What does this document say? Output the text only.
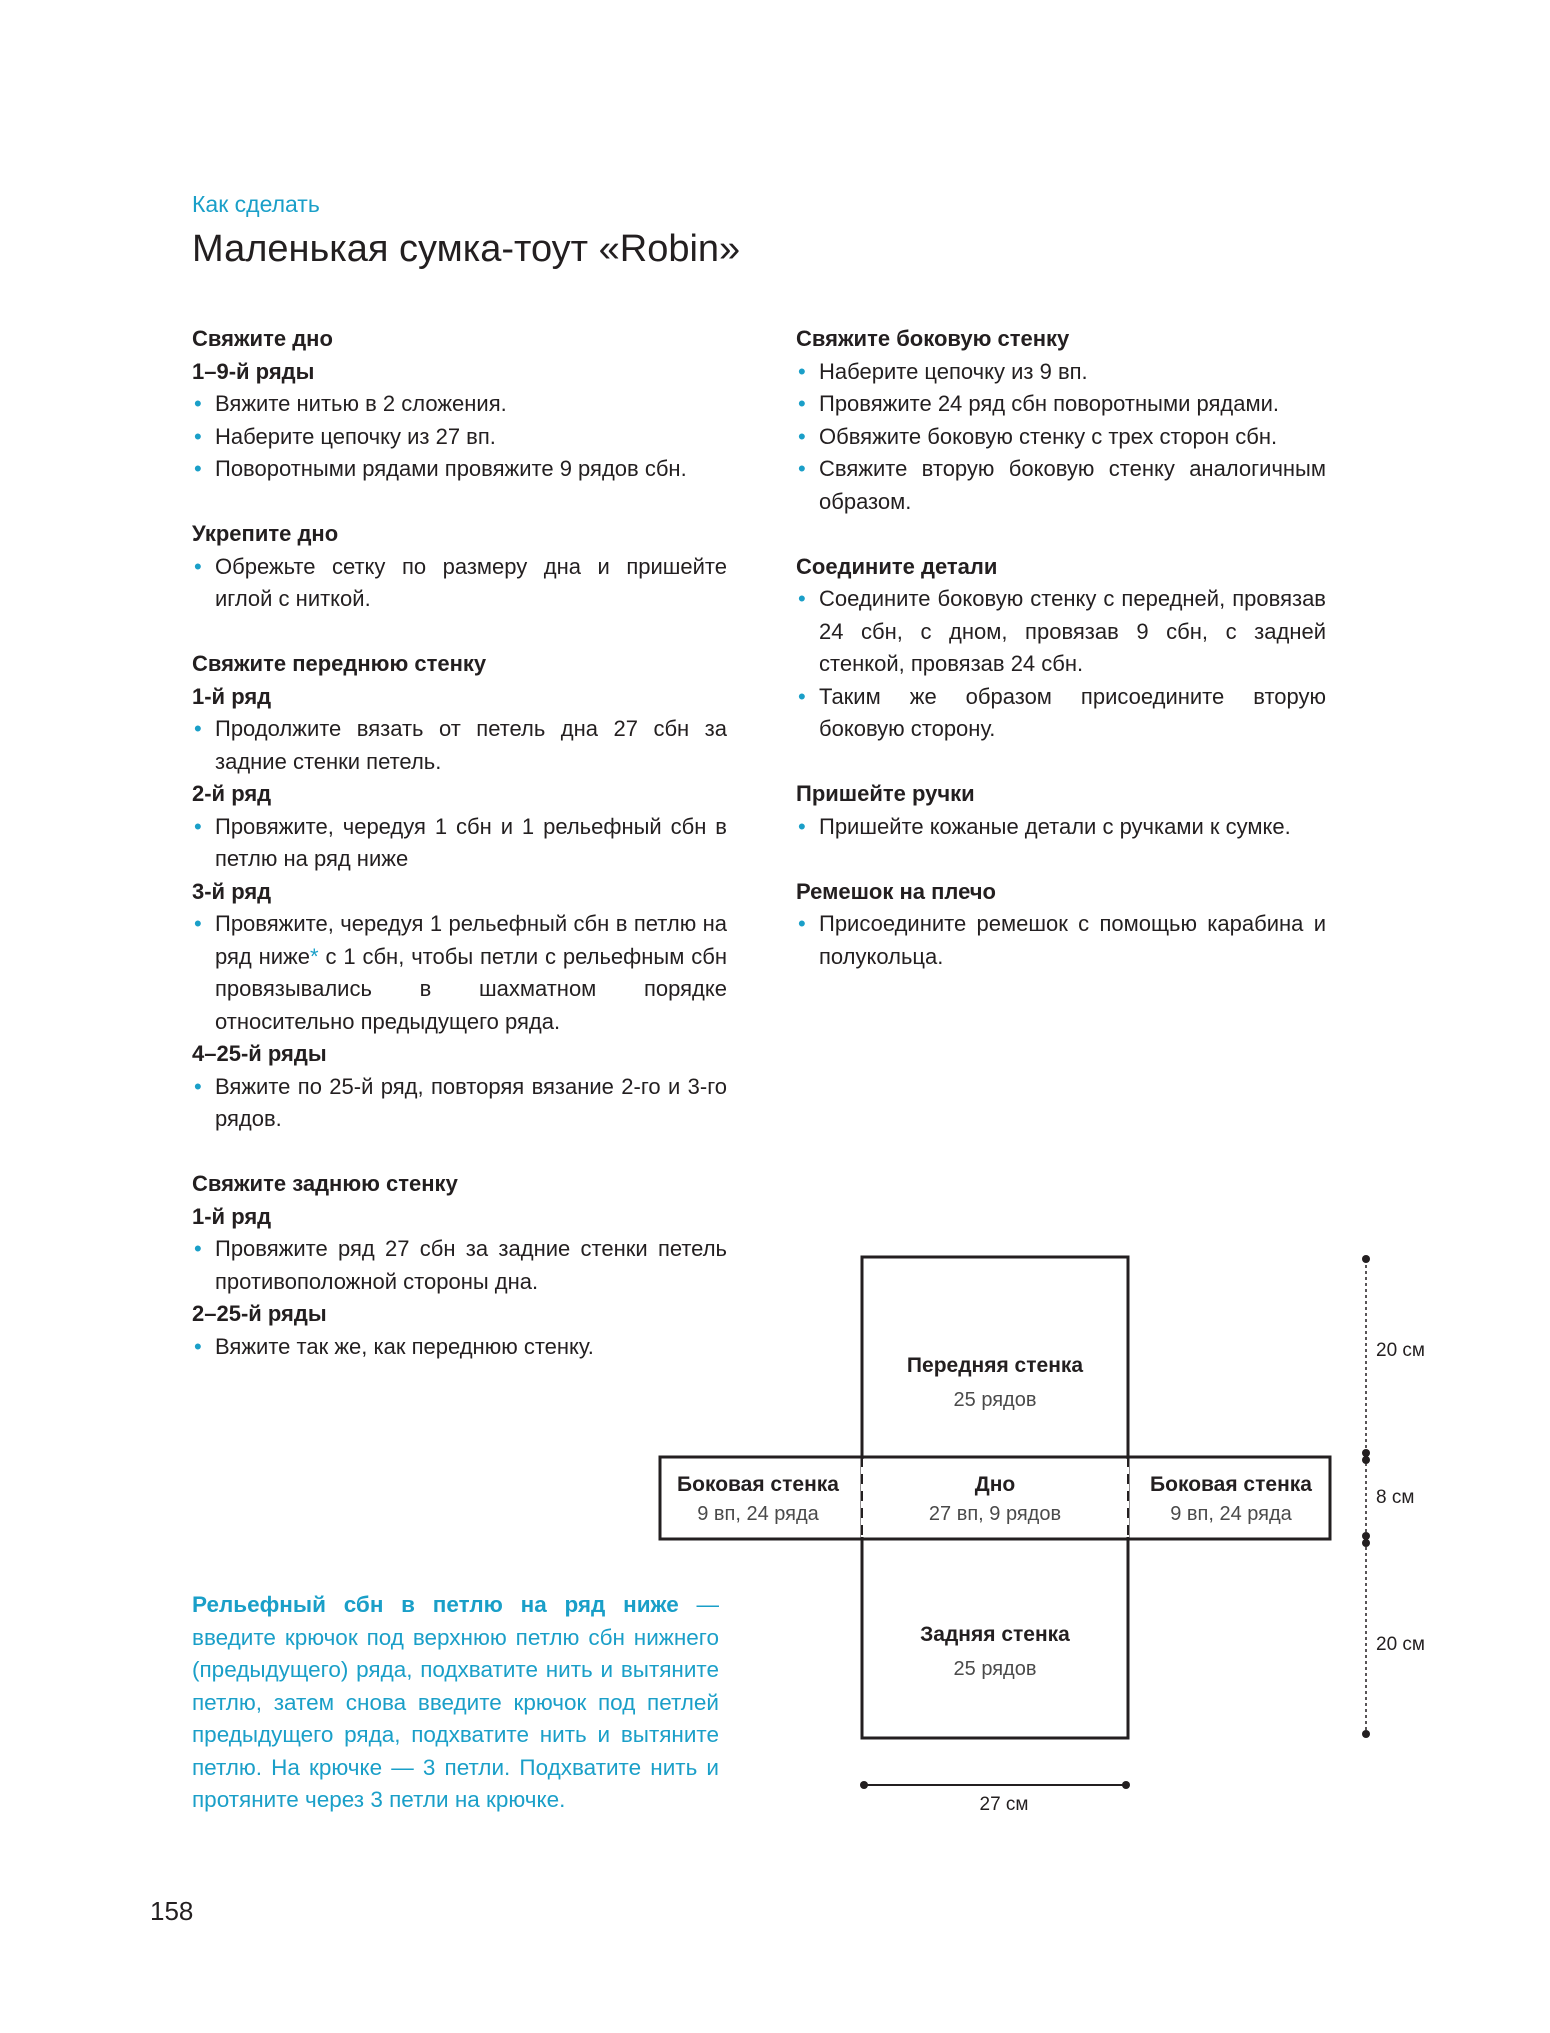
Как сделать
Маленькая сумка-тоут «Robin»
Свяжите дно
1–9-й ряды
• Вяжите нитью в 2 сложения.
• Наберите цепочку из 27 вп.
• Поворотными рядами провяжите 9 рядов сбн.
Укрепите дно
• Обрежьте сетку по размеру дна и пришейте иглой с ниткой.
Свяжите переднюю стенку
1-й ряд
• Продолжите вязать от петель дна 27 сбн за задние стенки петель.
2-й ряд
• Провяжите, чередуя 1 сбн и 1 рельефный сбн в петлю на ряд ниже
3-й ряд
• Провяжите, чередуя 1 рельефный сбн в петлю на ряд ниже* с 1 сбн, чтобы петли с рельефным сбн провязывались в шахматном порядке относительно предыдущего ряда.
4–25-й ряды
• Вяжите по 25-й ряд, повторяя вязание 2-го и 3-го рядов.
Свяжите заднюю стенку
1-й ряд
• Провяжите ряд 27 сбн за задние стенки петель противоположной стороны дна.
2–25-й ряды
• Вяжите так же, как переднюю стенку.
Свяжите боковую стенку
• Наберите цепочку из 9 вп.
• Провяжите 24 ряд сбн поворотными рядами.
• Обвяжите боковую стенку с трех сторон сбн.
• Свяжите вторую боковую стенку аналогичным образом.
Соедините детали
• Соедините боковую стенку с передней, провязав 24 сбн, с дном, провязав 9 сбн, с задней стенкой, провязав 24 сбн.
• Таким же образом присоедините вторую боковую сторону.
Пришейте ручки
• Пришейте кожаные детали с ручками к сумке.
Ремешок на плечо
• Присоедините ремешок с помощью карабина и полукольца.
Рельефный сбн в петлю на ряд ниже — введите крючок под верхнюю петлю сбн нижнего (предыдущего) ряда, подхватите нить и вытяните петлю, затем снова введите крючок под петлей предыдущего ряда, подхватите нить и вытяните петлю. На крючке — 3 петли. Подхватите нить и протяните через 3 петли на крючке.
Передняя стенка
25 рядов
Дно
27 вп, 9 рядов
Боковая стенка
9 вп, 24 ряда
Боковая стенка
9 вп, 24 ряда
Задняя стенка
25 рядов
20 см
8 см
20 см
27 см
158
